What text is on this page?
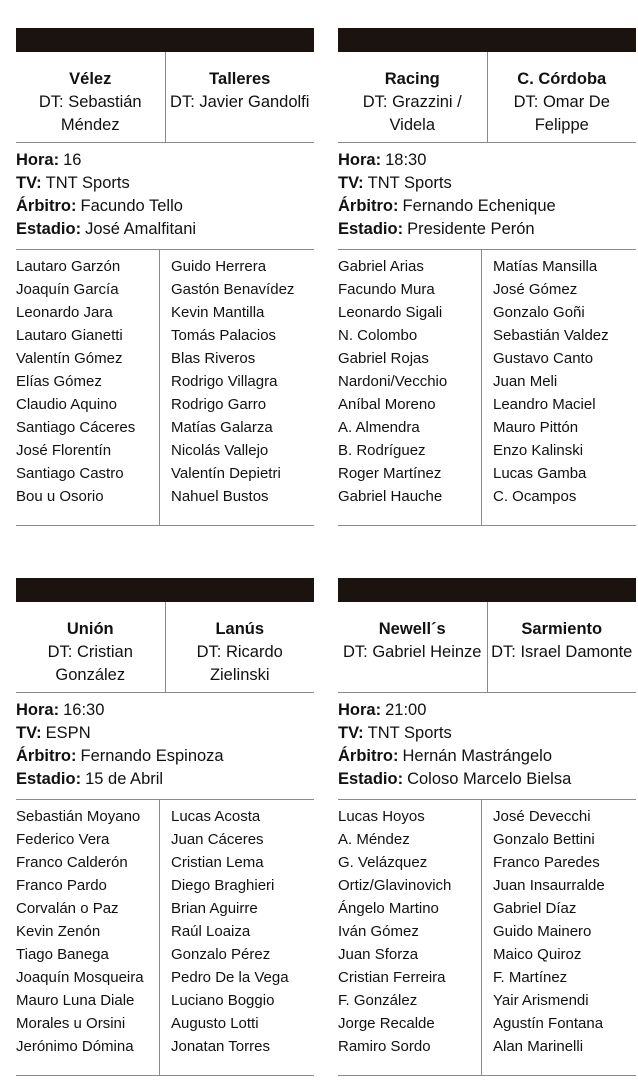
Vélez
DT: Sebastián Méndez
Talleres
DT: Javier Gandolfi
Hora: 16
TV: TNT Sports
Árbitro: Facundo Tello
Estadio: José Amalfitani
Lautaro Garzón
Joaquín García
Leonardo Jara
Lautaro Gianetti
Valentín Gómez
Elías Gómez
Claudio Aquino
Santiago Cáceres
José Florentín
Santiago Castro
Bou u Osorio
Guido Herrera
Gastón Benavídez
Kevin Mantilla
Tomás Palacios
Blas Riveros
Rodrigo Villagra
Rodrigo Garro
Matías Galarza
Nicolás Vallejo
Valentín Depietri
Nahuel Bustos
Racing
DT: Grazzini / Videla
C. Córdoba
DT: Omar De Felippe
Hora: 18:30
TV: TNT Sports
Árbitro: Fernando Echenique
Estadio: Presidente Perón
Gabriel Arias
Facundo Mura
Leonardo Sigali
N. Colombo
Gabriel Rojas
Nardoni/Vecchio
Aníbal Moreno
A. Almendra
B. Rodríguez
Roger Martínez
Gabriel Hauche
Matías Mansilla
José Gómez
Gonzalo Goñi
Sebastián Valdez
Gustavo Canto
Juan Meli
Leandro Maciel
Mauro Pittón
Enzo Kalinski
Lucas Gamba
C. Ocampos
Unión
DT: Cristian González
Lanús
DT: Ricardo Zielinski
Hora: 16:30
TV: ESPN
Árbitro: Fernando Espinoza
Estadio: 15 de Abril
Sebastián Moyano
Federico Vera
Franco Calderón
Franco Pardo
Corvalán o Paz
Kevin Zenón
Tiago Banega
Joaquín Mosqueira
Mauro Luna Diale
Morales u Orsini
Jerónimo Dómina
Lucas Acosta
Juan Cáceres
Cristian Lema
Diego Braghieri
Brian Aguirre
Raúl Loaiza
Gonzalo Pérez
Pedro De la Vega
Luciano Boggio
Augusto Lotti
Jonatan Torres
Newell´s
DT: Gabriel Heinze
Sarmiento
DT: Israel Damonte
Hora: 21:00
TV: TNT Sports
Árbitro: Hernán Mastrángelo
Estadio: Coloso Marcelo Bielsa
Lucas Hoyos
A. Méndez
G. Velázquez
Ortiz/Glavinovich
Ángelo Martino
Iván Gómez
Juan Sforza
Cristian Ferreira
F. González
Jorge Recalde
Ramiro Sordo
José Devecchi
Gonzalo Bettini
Franco Paredes
Juan Insaurralde
Gabriel Díaz
Guido Mainero
Maico Quiroz
F. Martínez
Yair Arismendi
Agustín Fontana
Alan Marinelli
